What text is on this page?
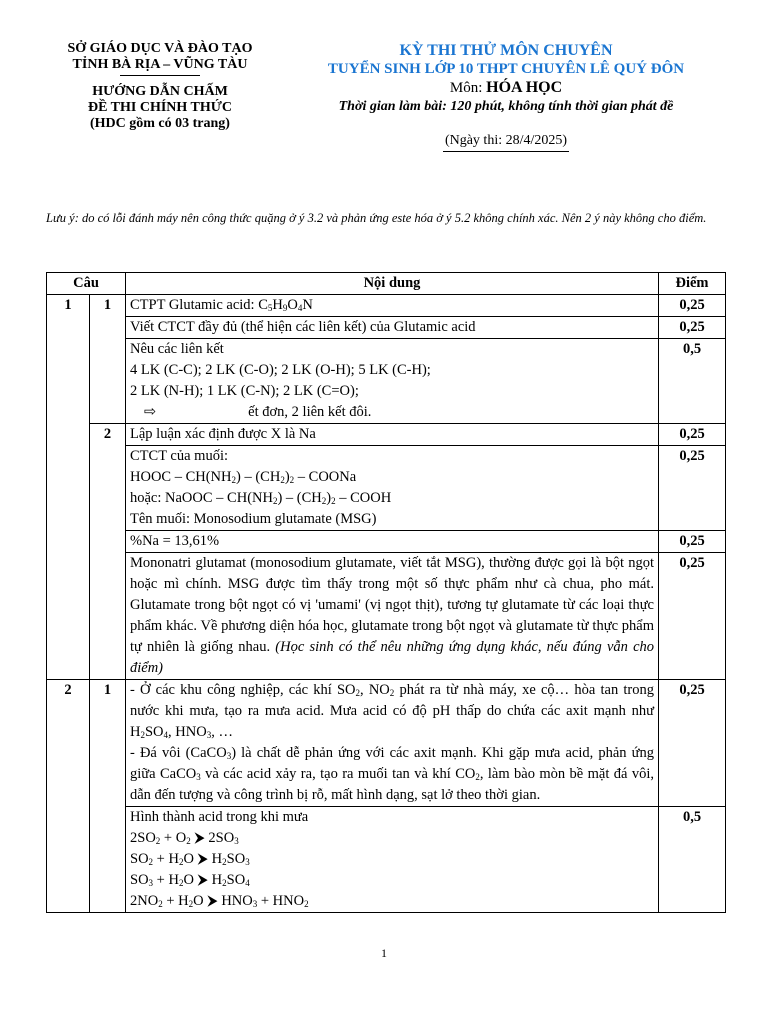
SỞ GIÁO DỤC VÀ ĐÀO TẠO
TỈNH BÀ RỊA – VŨNG TÀU
HƯỚNG DẪN CHẤM
ĐỀ THI CHÍNH THỨC
(HDC gồm có 03 trang)
KỲ THI THỬ MÔN CHUYÊN
TUYỂN SINH LỚP 10 THPT CHUYÊN LÊ QUÝ ĐÔN
Môn: HÓA HỌC
Thời gian làm bài: 120 phút, không tính thời gian phát đề
(Ngày thi: 28/4/2025)
Lưu ý: do có lỗi đánh máy nên công thức quặng ở ý 3.2 và phản ứng este hóa ở ý 5.2 không chính xác. Nên 2 ý này không cho điểm.
Câu		Nội dung	Điểm
1	1	CTPT Glutamic acid: $C_5H_9O_4N$	0,25
		Viết CTCT đầy đủ (thể hiện các liên kết) của Glutamic acid	0,25

		Nêu các liên kết
4 LK (C-C); 2 LK (C-O); 2 LK (O-H); 5 LK (C-H);
2 LK (N-H); 1 LK (C-N); 2 LK (C=O);
⇨ ết đơn, 2 liên kết đôi.	0,5
	2	Lập luận xác định được X là Na	0,25

		CTCT của muối:
HOOC – $CH(NH_2) - (CH_2)_2$ – COONa
hoặc: NaOOC – $CH(NH_2) - (CH_2)_2$ – COOH
Tên muối: Monosodium glutamate (MSG)	0,25
		%Na = 13,61%	0,25
		Mononatri glutamat (monosodium glutamate, viết tắt MSG), thường được gọi là bột ngọt hoặc mì chính. MSG được tìm thấy trong một số thực phẩm như cà chua, pho mát. Glutamate trong bột ngọt có vị 'umami' (vị ngọt thịt), tương tự glutamate từ các loại thực phẩm khác. Về phương diện hóa học, glutamate trong bột ngọt và glutamate từ thực phẩm tự nhiên là giống nhau. (Học sinh có thể nêu những ứng dụng khác, nếu đúng vẫn cho điểm)	0,25
2	1	- Ở các khu công nghiệp, các khí $SO_2$, $NO_2$ phát ra từ nhà máy, xe cộ… hòa tan trong nước khi mưa, tạo ra mưa acid. Mưa acid có độ pH thấp do chứa các axit mạnh như $H_2SO_4$, $HNO_3$, …
- Đá vôi (CaCO$_3$) là chất dễ phản ứng với các axit mạnh. Khi gặp mưa acid, phản ứng giữa CaCO$_3$ và các acid xảy ra, tạo ra muối tan và khí $CO_2$, làm bào mòn bề mặt đá vôi, dẫn đến tượng và công trình bị rỗ, mất hình dạng, sạt lở theo thời gian.	0,25

		Hình thành acid trong khi mưa
$2SO_2 + O_2$ ⮞ $2SO_3$
$SO_2 + H_2O$ ⮞ $H_2SO_3$
$SO_3 + H_2O$ ⮞ $H_2SO_4$
$2NO_2 + H_2O$ ⮞ $HNO_3 + HNO_2$	0,5
1
